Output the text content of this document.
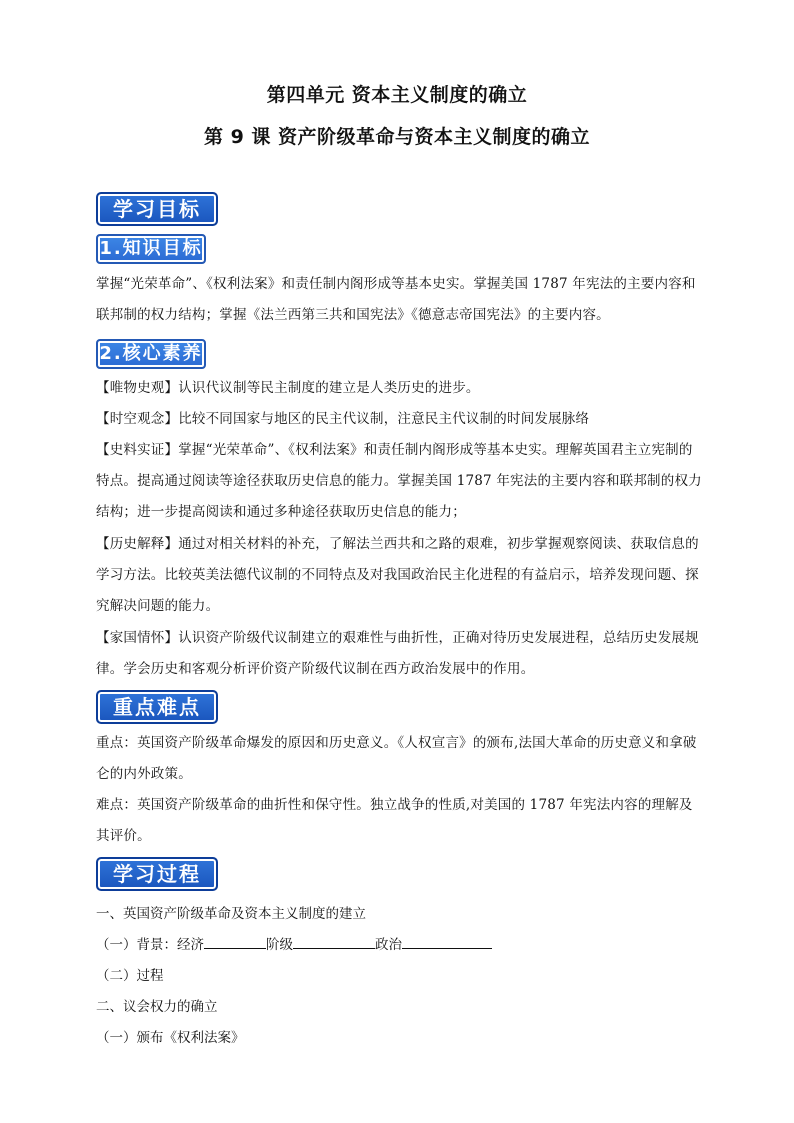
第四单元 资本主义制度的确立
第 9 课 资产阶级革命与资本主义制度的确立
学习目标
1.知识目标
掌握“光荣革命”、《权利法案》和责任制内阁形成等基本史实。掌握美国 1787 年宪法的主要内容和联邦制的权力结构；掌握《法兰西第三共和国宪法》《德意志帝国宪法》的主要内容。
2.核心素养
【唯物史观】认识代议制等民主制度的建立是人类历史的进步。
【时空观念】比较不同国家与地区的民主代议制，注意民主代议制的时间发展脉络
【史料实证】掌握“光荣革命”、《权利法案》和责任制内阁形成等基本史实。理解英国君主立宪制的特点。提高通过阅读等途径获取历史信息的能力。掌握美国 1787 年宪法的主要内容和联邦制的权力结构；进一步提高阅读和通过多种途径获取历史信息的能力；
【历史解释】通过对相关材料的补充，了解法兰西共和之路的艰难，初步掌握观察阅读、获取信息的学习方法。比较英美法德代议制的不同特点及对我国政治民主化进程的有益启示，培养发现问题、探究解决问题的能力。
【家国情怀】认识资产阶级代议制建立的艰难性与曲折性，正确对待历史发展进程，总结历史发展规律。学会历史和客观分析评价资产阶级代议制在西方政治发展中的作用。
重点难点
重点：英国资产阶级革命爆发的原因和历史意义。《人权宣言》的颁布,法国大革命的历史意义和拿破仑的内外政策。
难点：英国资产阶级革命的曲折性和保守性。独立战争的性质,对美国的 1787 年宪法内容的理解及其评价。
学习过程
一、英国资产阶级革命及资本主义制度的建立
（一）背景：经济	阶级	政治
（二）过程
二、议会权力的确立
（一）颁布《权利法案》
